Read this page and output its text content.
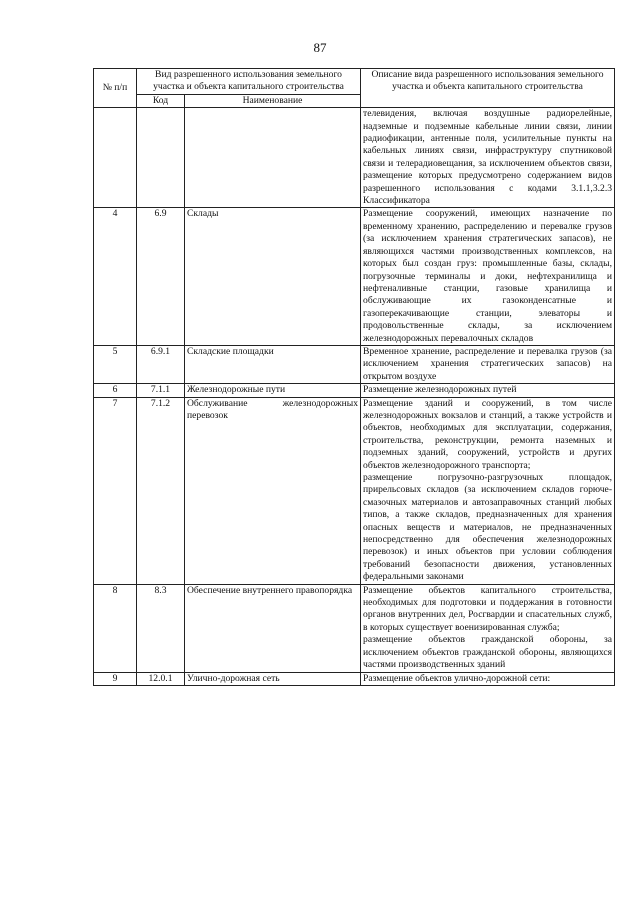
87
№ п/п	Вид разрешенного использования земельного участка и объекта капитального строительства		Описание вида разрешенного использования земельного участка и объекта капитального строительства
	Код	Наименование	

			телевидения, включая воздушные радиорелейные, надземные и подземные кабельные линии связи, линии радиофикации, антенные поля, усилительные пункты на кабельных линиях связи, инфраструктуру спутниковой связи и телерадиовещания, за исключением объектов связи, размещение которых предусмотрено содержанием видов разрешенного использования с кодами 3.1.1,3.2.3 Классификатора

4	6.9	Склады	Размещение сооружений, имеющих назначение по временному хранению, распределению и перевалке грузов (за исключением хранения стратегических запасов), не являющихся частями производственных комплексов, на которых был создан груз: промышленные базы, склады, погрузочные терминалы и доки, нефтехранилища и нефтеналивные станции, газовые хранилища и обслуживающие их газоконденсатные и газоперекачивающие станции, элеваторы и продовольственные склады, за исключением железнодорожных перевалочных складов

5	6.9.1	Складские площадки	Временное хранение, распределение и перевалка грузов (за исключением хранения стратегических запасов) на открытом воздухе

6	7.1.1	Железнодорожные пути	Размещение железнодорожных путей

7	7.1.2	Обслуживание железнодорожных перевозок	Размещение зданий и сооружений, в том числе железнодорожных вокзалов и станций, а также устройств и объектов, необходимых для эксплуатации, содержания, строительства, реконструкции, ремонта наземных и подземных зданий, сооружений, устройств и других объектов железнодорожного транспорта;
размещение погрузочно-разгрузочных площадок, прирельсовых складов (за исключением складов горюче-смазочных материалов и автозаправочных станций любых типов, а также складов, предназначенных для хранения опасных веществ и материалов, не предназначенных непосредственно для обеспечения железнодорожных перевозок) и иных объектов при условии соблюдения требований безопасности движения, установленных федеральными законами

8	8.3	Обеспечение внутреннего правопорядка	Размещение объектов капитального строительства, необходимых для подготовки и поддержания в готовности органов внутренних дел, Росгвардии и спасательных служб, в которых существует военизированная служба;
размещение объектов гражданской обороны, за исключением объектов гражданской обороны, являющихся частями производственных зданий

9	12.0.1	Улично-дорожная сеть	Размещение объектов улично-дорожной сети:
